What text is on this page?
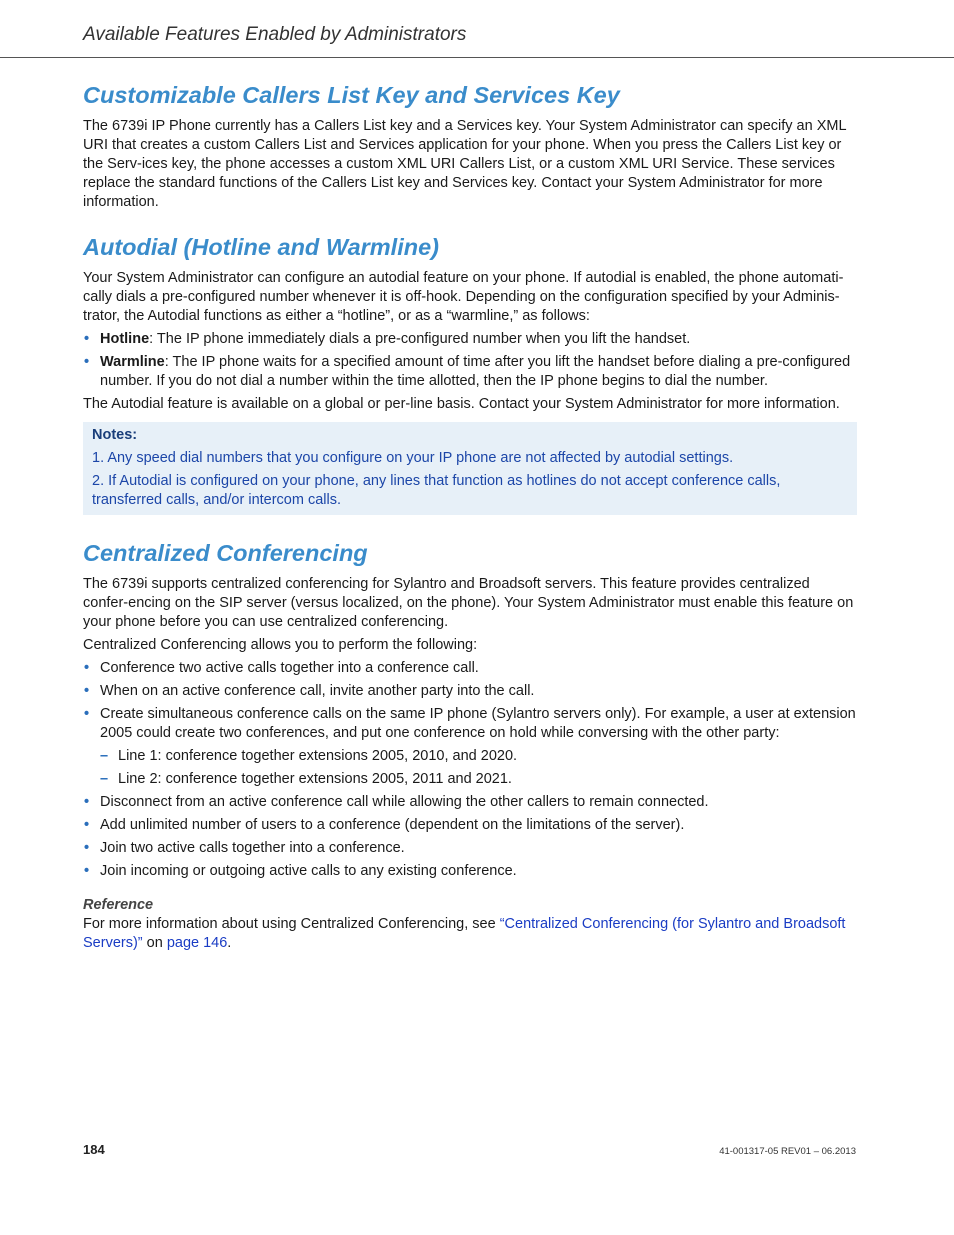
Available Features Enabled by Administrators
Customizable Callers List Key and Services Key

The 6739i IP Phone currently has a Callers List key and a Services key. Your System Administrator can specify an XML URI that creates a custom Callers List and Services application for your phone. When you press the Callers List key or the Serv-ices key, the phone accesses a custom XML URI Callers List, or a custom XML URI Service. These services replace the standard functions of the Callers List key and Services key. Contact your System Administrator for more information.

Autodial (Hotline and Warmline)

Your System Administrator can configure an autodial feature on your phone. If autodial is enabled, the phone automati-cally dials a pre-configured number whenever it is off-hook. Depending on the configuration specified by your Adminis-trator, the Autodial functions as either a “hotline”, or as a “warmline,” as follows:

• Hotline: The IP phone immediately dials a pre-configured number when you lift the handset.
• Warmline: The IP phone waits for a specified amount of time after you lift the handset before dialing a pre-configured number. If you do not dial a number within the time allotted, then the IP phone begins to dial the number.

The Autodial feature is available on a global or per-line basis. Contact your System Administrator for more information.

Notes:

1. Any speed dial numbers that you configure on your IP phone are not affected by autodial settings.

2. If Autodial is configured on your phone, any lines that function as hotlines do not accept conference calls, transferred calls, and/or intercom calls.

Centralized Conferencing

The 6739i supports centralized conferencing for Sylantro and Broadsoft servers. This feature provides centralized confer-encing on the SIP server (versus localized, on the phone). Your System Administrator must enable this feature on your phone before you can use centralized conferencing.

Centralized Conferencing allows you to perform the following:

• Conference two active calls together into a conference call.
• When on an active conference call, invite another party into the call.
• Create simultaneous conference calls on the same IP phone (Sylantro servers only). For example, a user at extension 2005 could create two conferences, and put one conference on hold while conversing with the other party:
– Line 1: conference together extensions 2005, 2010, and 2020.
– Line 2: conference together extensions 2005, 2011 and 2021.
• Disconnect from an active conference call while allowing the other callers to remain connected.
• Add unlimited number of users to a conference (dependent on the limitations of the server).
• Join two active calls together into a conference.
• Join incoming or outgoing active calls to any existing conference.
Reference

For more information about using Centralized Conferencing, see “Centralized Conferencing (for Sylantro and Broadsoft Servers)” on page 146.

184	41-001317-05 REV01 – 06.2013
